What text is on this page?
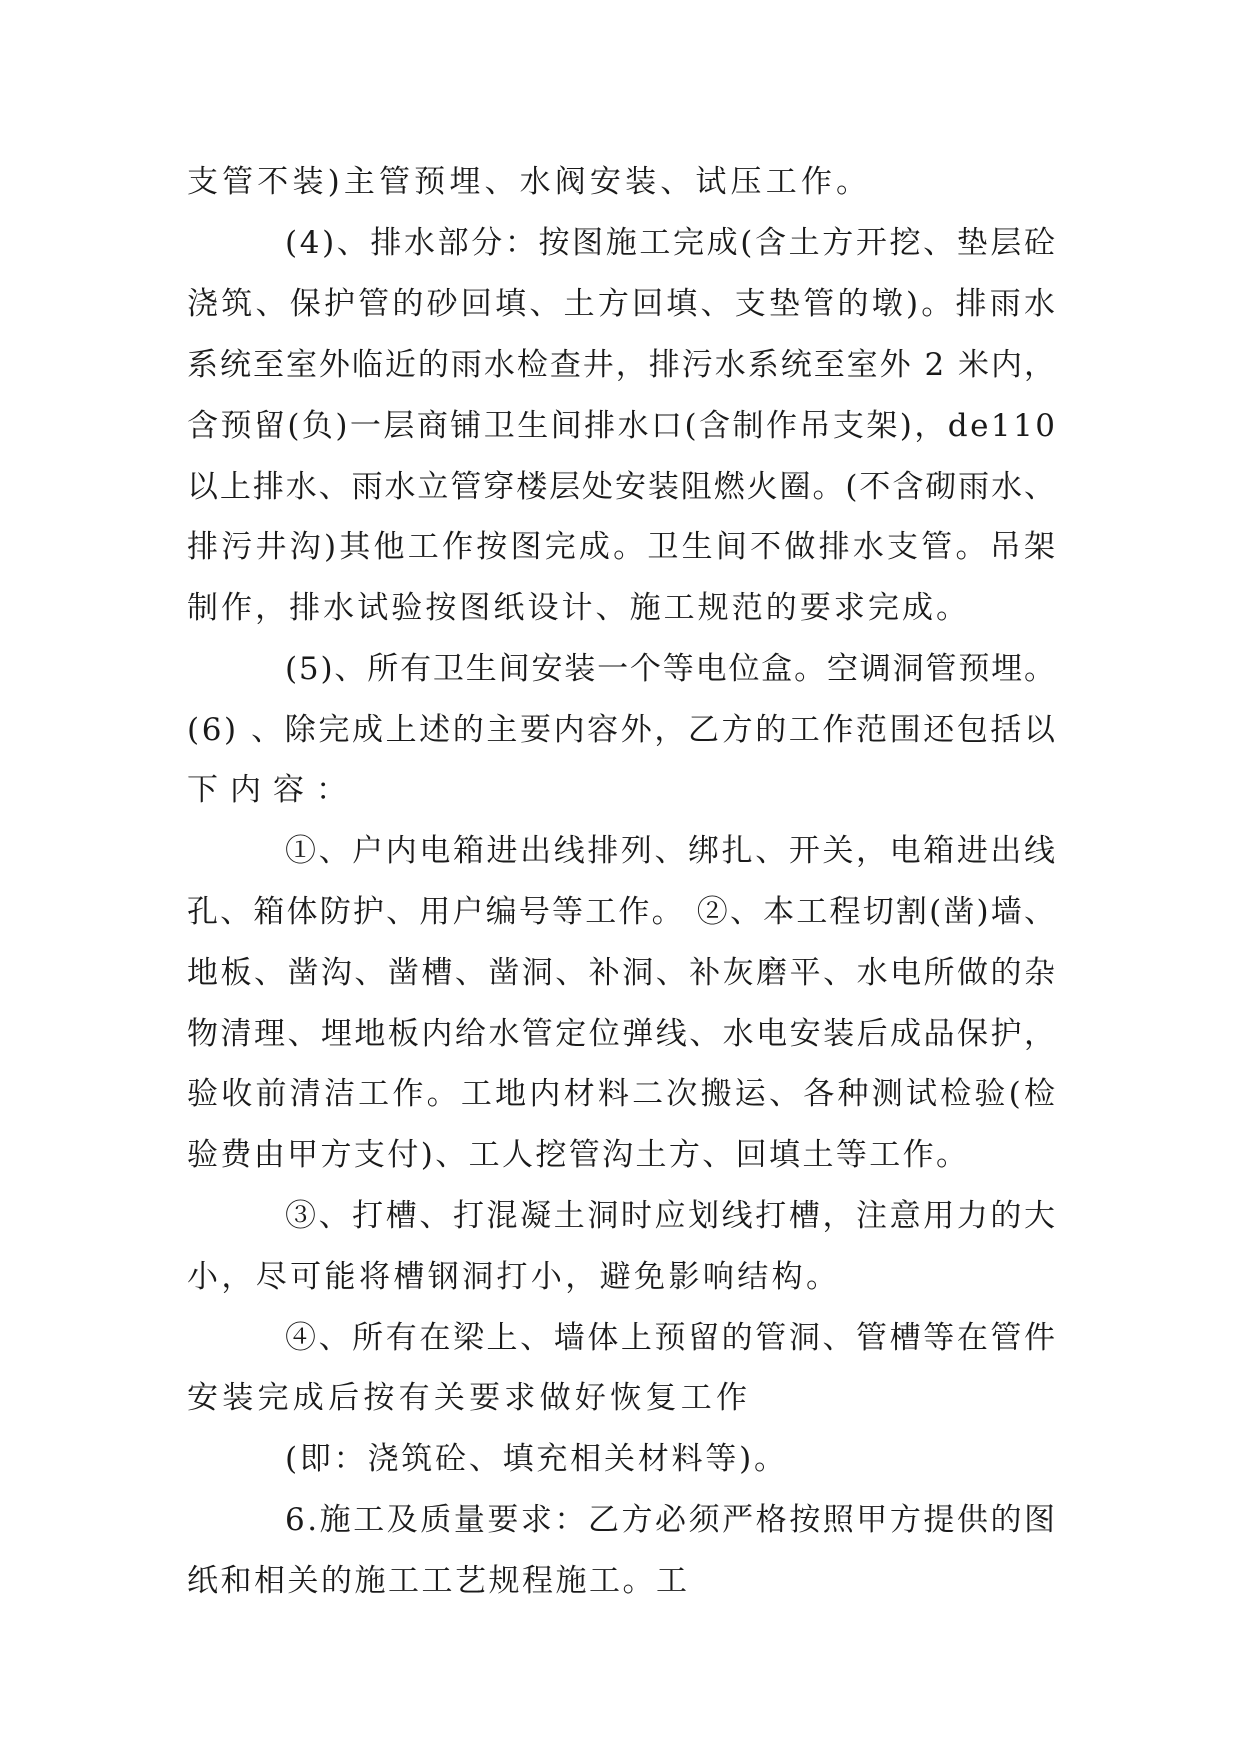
支管不装)主管预埋、水阀安装、试压工作。
(4)、排水部分：按图施工完成(含土方开挖、垫层砼
浇筑、保护管的砂回填、土方回填、支垫管的墩)。排雨水
系统至室外临近的雨水检查井，排污水系统至室外 2 米内，
含预留(负)一层商铺卫生间排水口(含制作吊支架)，de110
以上排水、雨水立管穿楼层处安装阻燃火圈。(不含砌雨水、
排污井沟)其他工作按图完成。卫生间不做排水支管。吊架
制作，排水试验按图纸设计、施工规范的要求完成。
(5)、所有卫生间安装一个等电位盒。空调洞管预埋。
(6) 、除完成上述的主要内容外，乙方的工作范围还包括以
下内容：
①、户内电箱进出线排列、绑扎、开关，电箱进出线
孔、箱体防护、用户编号等工作。 ②、本工程切割(凿)墙、
地板、凿沟、凿槽、凿洞、补洞、补灰磨平、水电所做的杂
物清理、埋地板内给水管定位弹线、水电安装后成品保护，
验收前清洁工作。工地内材料二次搬运、各种测试检验(检
验费由甲方支付)、工人挖管沟土方、回填土等工作。
③、打槽、打混凝土洞时应划线打槽，注意用力的大
小，尽可能将槽钢洞打小，避免影响结构。
④、所有在梁上、墙体上预留的管洞、管槽等在管件
安装完成后按有关要求做好恢复工作
(即：浇筑砼、填充相关材料等)。
6.施工及质量要求：乙方必须严格按照甲方提供的图
纸和相关的施工工艺规程施工。工
